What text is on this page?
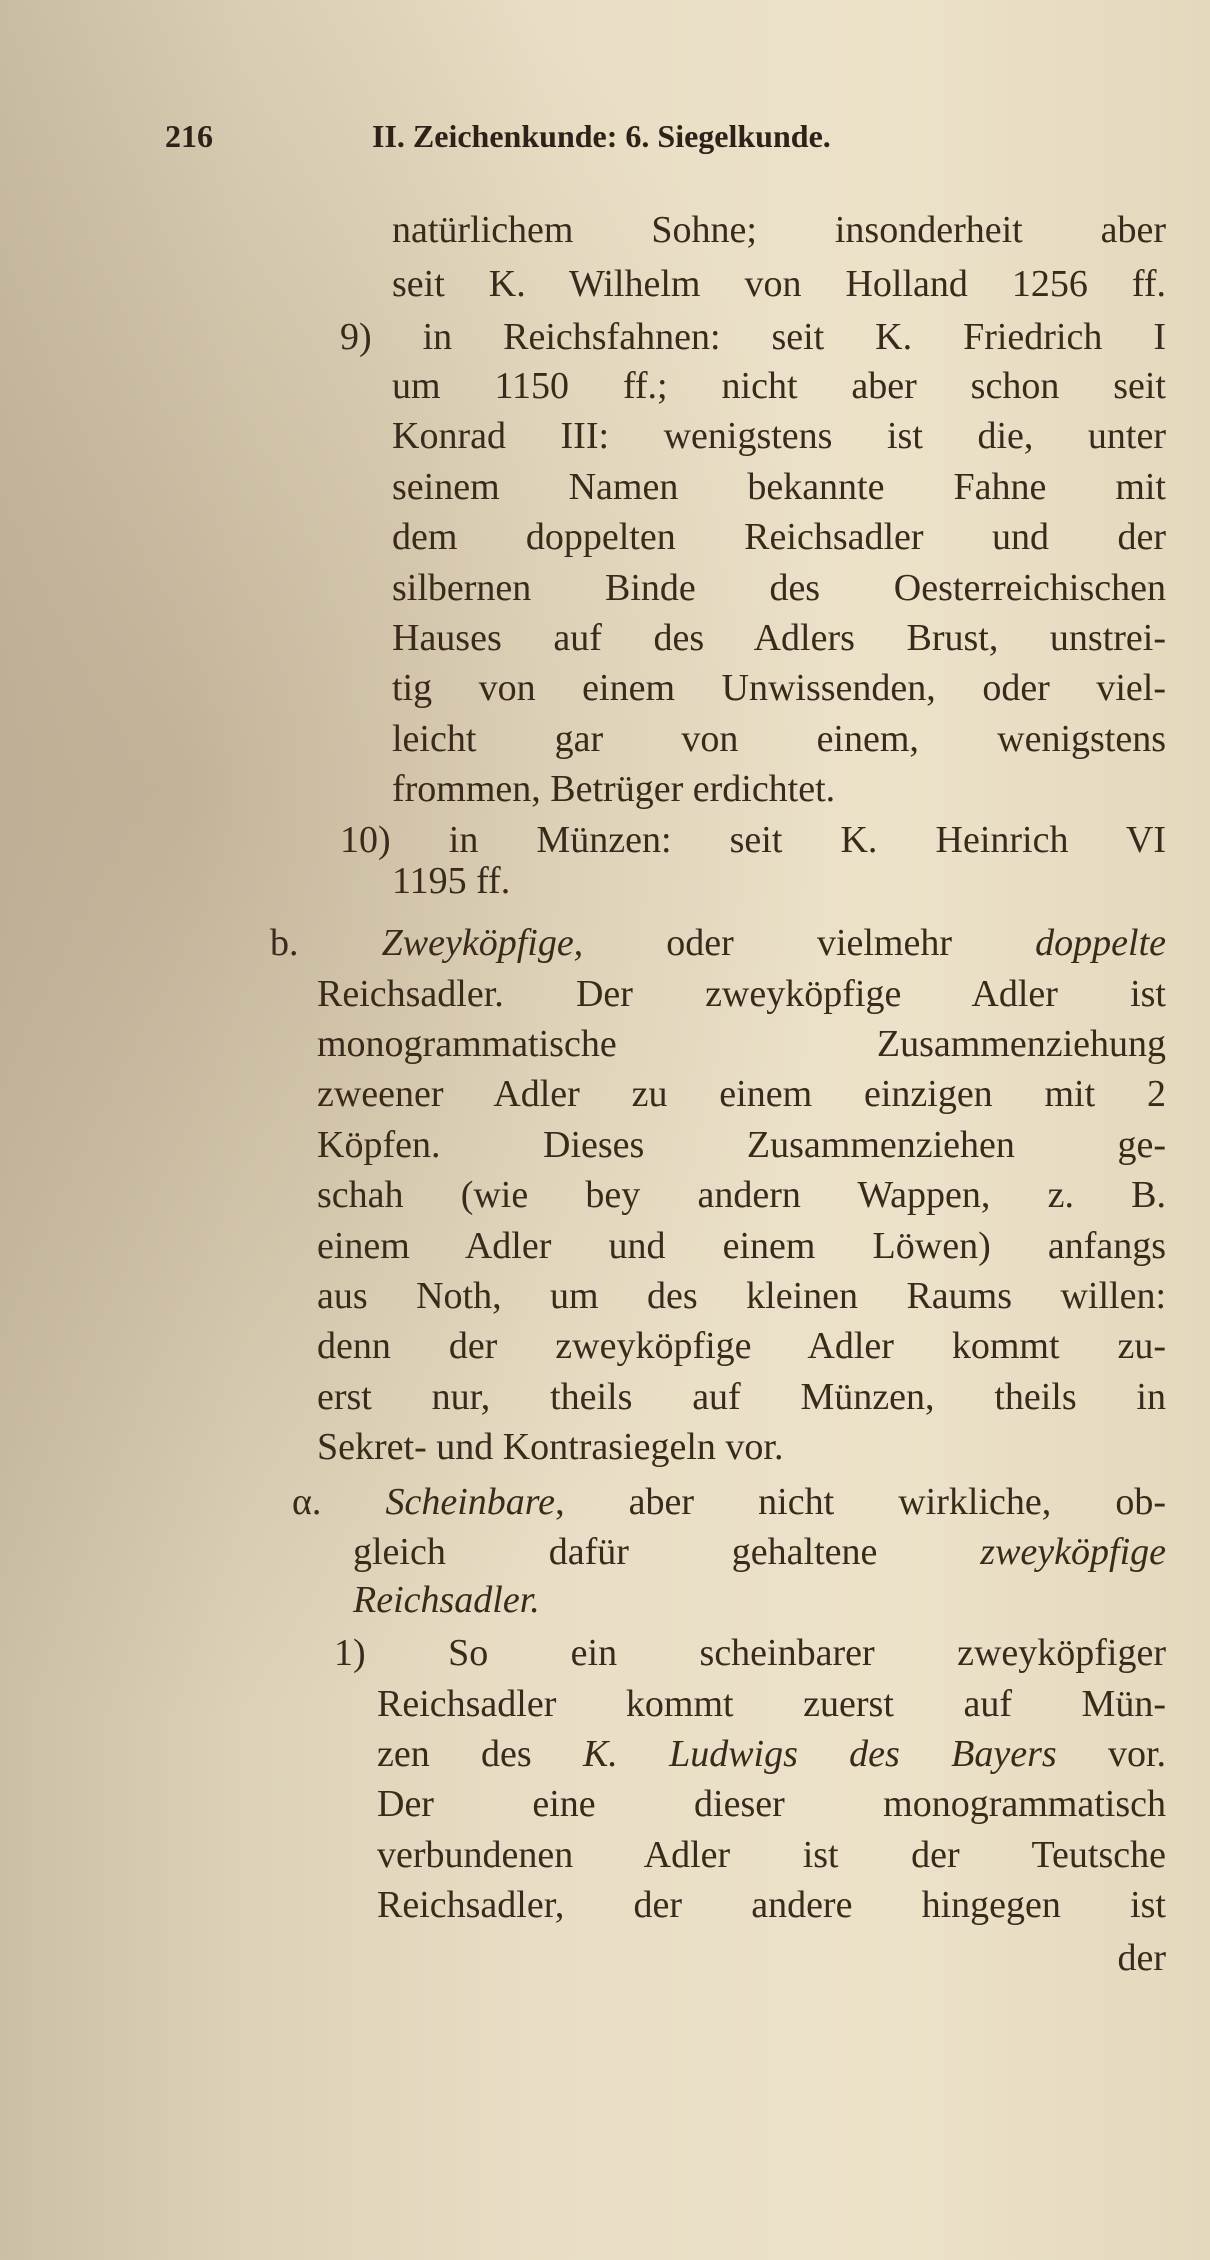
216	II. Zeichenkunde: 6. Siegelkunde.
natürlichem Sohne; insonderheit aber
seit K. Wilhelm von Holland 1256 ff.
9) in Reichsfahnen: seit K. Friedrich I
um 1150 ff.; nicht aber schon seit
Konrad III: wenigstens ist die, unter
seinem Namen bekannte Fahne mit
dem doppelten Reichsadler und der
silbernen Binde des Oesterreichischen
Hauses auf des Adlers Brust, unstrei-
tig von einem Unwissenden, oder viel-
leicht gar von einem, wenigstens
frommen, Betrüger erdichtet.
10) in Münzen: seit K. Heinrich VI
1195 ff.
b. Zweyköpfige, oder vielmehr doppelte
Reichsadler. Der zweyköpfige Adler ist
monogrammatische Zusammenziehung
zweener Adler zu einem einzigen mit 2
Köpfen. Dieses Zusammenziehen ge-
schah (wie bey andern Wappen, z. B.
einem Adler und einem Löwen) anfangs
aus Noth, um des kleinen Raums willen:
denn der zweyköpfige Adler kommt zu-
erst nur, theils auf Münzen, theils in
Sekret- und Kontrasiegeln vor.
α. Scheinbare, aber nicht wirkliche, ob-
gleich dafür gehaltene zweyköpfige
Reichsadler.
1) So ein scheinbarer zweyköpfiger
Reichsadler kommt zuerst auf Mün-
zen des K. Ludwigs des Bayers vor.
Der eine dieser monogrammatisch
verbundenen Adler ist der Teutsche
Reichsadler, der andere hingegen ist
der
